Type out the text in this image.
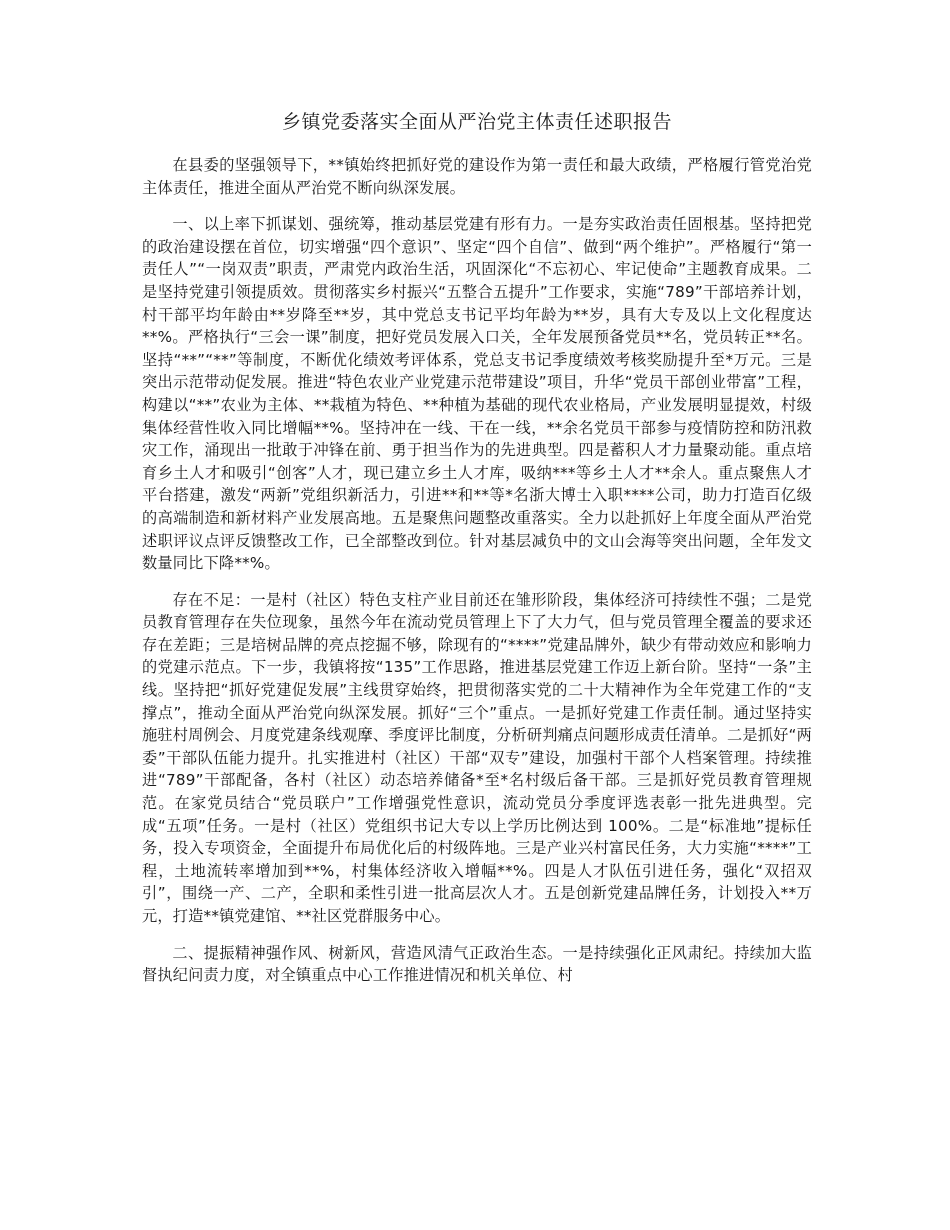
乡镇党委落实全面从严治党主体责任述职报告

在县委的坚强领导下，**镇始终把抓好党的建设作为第一责任和最大政绩，严格履行管党治党主体责任，推进全面从严治党不断向纵深发展。

一、以上率下抓谋划、强统筹，推动基层党建有形有力。一是夯实政治责任固根基。坚持把党的政治建设摆在首位，切实增强“四个意识”、坚定“四个自信”、做到“两个维护”。严格履行“第一责任人”“一岗双责”职责，严肃党内政治生活，巩固深化“不忘初心、牢记使命”主题教育成果。二是坚持党建引领提质效。贯彻落实乡村振兴“五整合五提升”工作要求，实施“789”干部培养计划，村干部平均年龄由**岁降至**岁，其中党总支书记平均年龄为**岁，具有大专及以上文化程度达**%。严格执行“三会一课”制度，把好党员发展入口关，全年发展预备党员**名，党员转正**名。坚持“**”“**”等制度，不断优化绩效考评体系，党总支书记季度绩效考核奖励提升至*万元。三是突出示范带动促发展。推进“特色农业产业党建示范带建设”项目，升华“党员干部创业带富”工程，构建以“**”农业为主体、**栽植为特色、**种植为基础的现代农业格局，产业发展明显提效，村级集体经营性收入同比增幅**%。坚持冲在一线、干在一线，**余名党员干部参与疫情防控和防汛救灾工作，涌现出一批敢于冲锋在前、勇于担当作为的先进典型。四是蓄积人才力量聚动能。重点培育乡土人才和吸引“创客”人才，现已建立乡土人才库，吸纳***等乡土人才**余人。重点聚焦人才平台搭建，激发“两新”党组织新活力，引进**和**等*名浙大博士入职****公司，助力打造百亿级的高端制造和新材料产业发展高地。五是聚焦问题整改重落实。全力以赴抓好上年度全面从严治党述职评议点评反馈整改工作，已全部整改到位。针对基层减负中的文山会海等突出问题，全年发文数量同比下降**%。

存在不足：一是村（社区）特色支柱产业目前还在雏形阶段，集体经济可持续性不强；二是党员教育管理存在失位现象，虽然今年在流动党员管理上下了大力气，但与党员管理全覆盖的要求还存在差距；三是培树品牌的亮点挖掘不够，除现有的“****”党建品牌外，缺少有带动效应和影响力的党建示范点。下一步，我镇将按“135”工作思路，推进基层党建工作迈上新台阶。坚持“一条”主线。坚持把“抓好党建促发展”主线贯穿始终，把贯彻落实党的二十大精神作为全年党建工作的“支撑点”，推动全面从严治党向纵深发展。抓好“三个”重点。一是抓好党建工作责任制。通过坚持实施驻村周例会、月度党建条线观摩、季度评比制度，分析研判痛点问题形成责任清单。二是抓好“两委”干部队伍能力提升。扎实推进村（社区）干部“双专”建设，加强村干部个人档案管理。持续推进“789”干部配备，各村（社区）动态培养储备*至*名村级后备干部。三是抓好党员教育管理规范。在家党员结合“党员联户”工作增强党性意识，流动党员分季度评选表彰一批先进典型。完成“五项”任务。一是村（社区）党组织书记大专以上学历比例达到 100%。二是“标准地”提标任务，投入专项资金，全面提升布局优化后的村级阵地。三是产业兴村富民任务，大力实施“****”工程，土地流转率增加到**%，村集体经济收入增幅**%。四是人才队伍引进任务，强化“双招双引”，围绕一产、二产，全职和柔性引进一批高层次人才。五是创新党建品牌任务，计划投入**万元，打造**镇党建馆、**社区党群服务中心。

二、提振精神强作风、树新风，营造风清气正政治生态。一是持续强化正风肃纪。持续加大监督执纪问责力度，对全镇重点中心工作推进情况和机关单位、村
